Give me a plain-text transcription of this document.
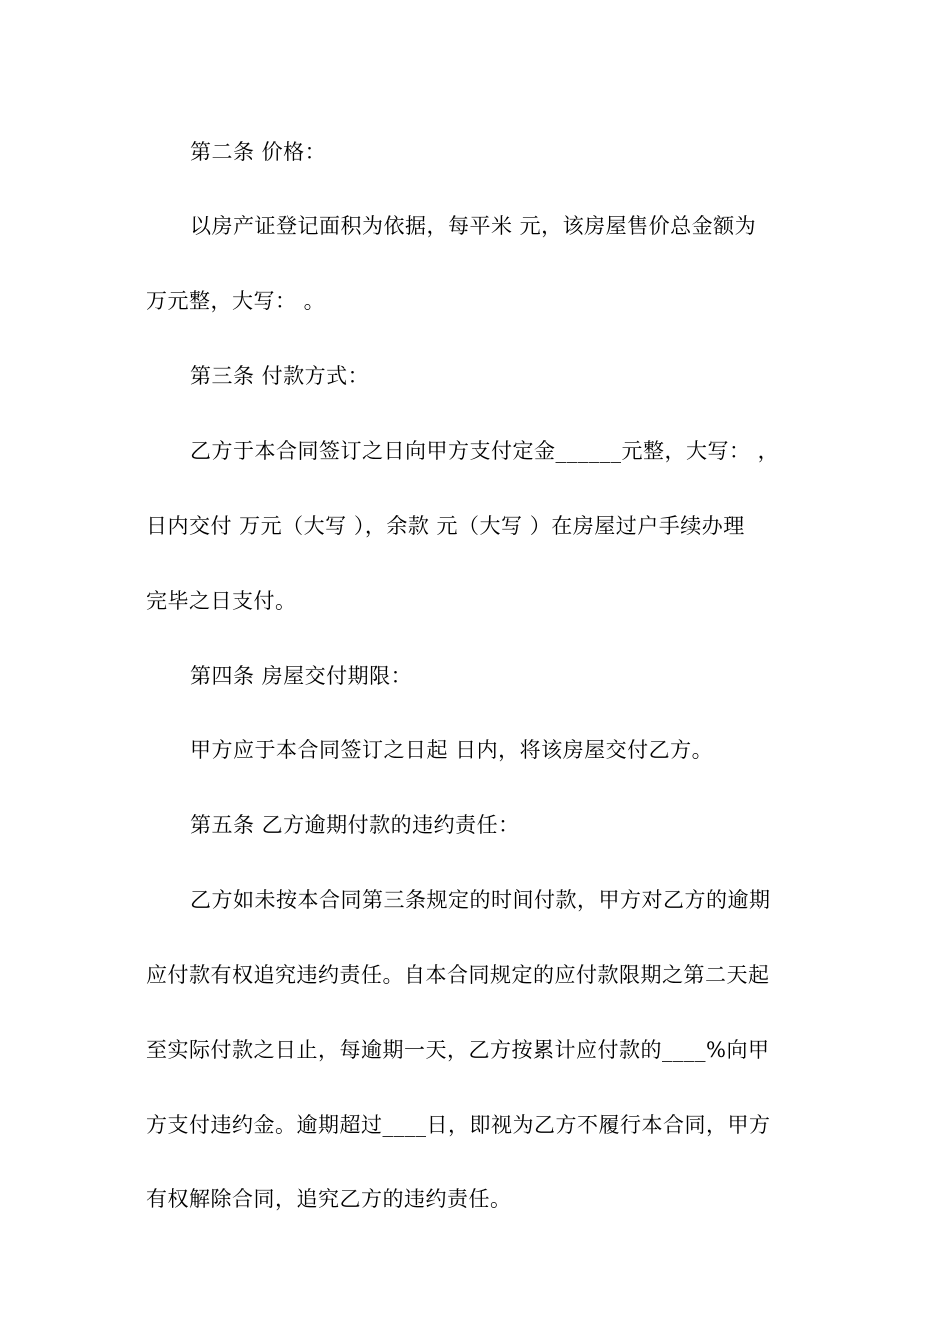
第二条 价格：
以房产证登记面积为依据，每平米 元，该房屋售价总金额为
万元整，大写： 。
第三条 付款方式：
乙方于本合同签订之日向甲方支付定金______元整，大写： ，
日内交付 万元（大写 ），余款 元（大写 ）在房屋过户手续办理
完毕之日支付。
第四条 房屋交付期限：
甲方应于本合同签订之日起 日内，将该房屋交付乙方。
第五条 乙方逾期付款的违约责任：
乙方如未按本合同第三条规定的时间付款，甲方对乙方的逾期
应付款有权追究违约责任。自本合同规定的应付款限期之第二天起
至实际付款之日止，每逾期一天，乙方按累计应付款的____%向甲
方支付违约金。逾期超过____日，即视为乙方不履行本合同，甲方
有权解除合同，追究乙方的违约责任。
